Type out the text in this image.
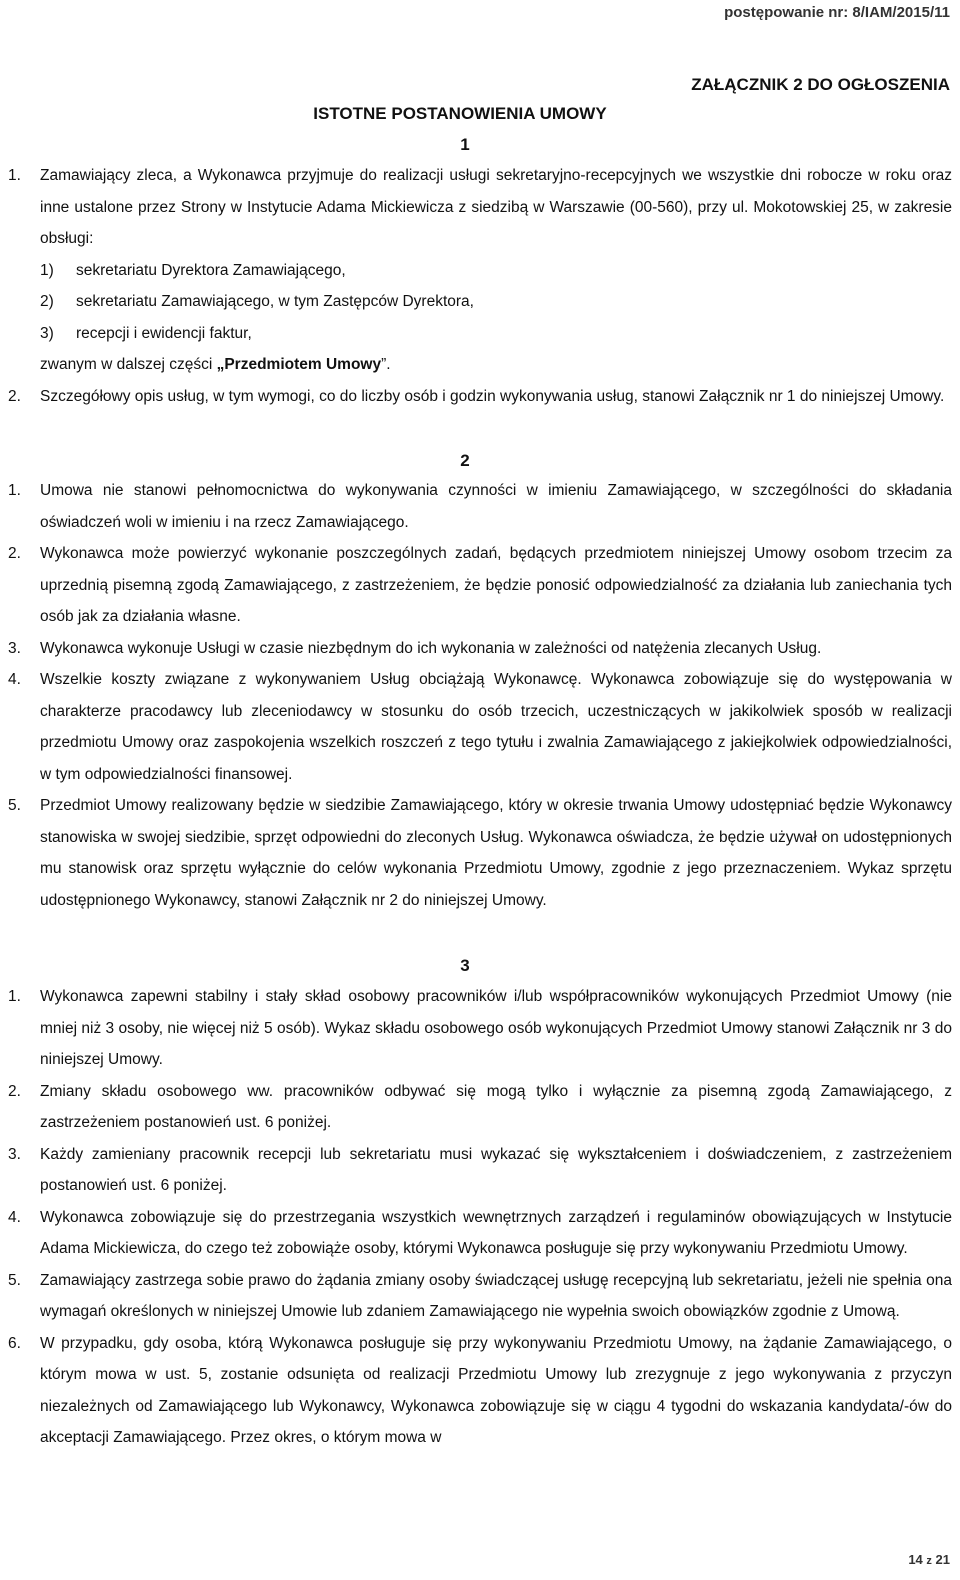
postępowanie nr: 8/IAM/2015/11
ZAŁĄCZNIK 2 DO OGŁOSZENIA
ISTOTNE POSTANOWIENIA UMOWY
1
1. Zamawiający zleca, a Wykonawca przyjmuje do realizacji usługi sekretaryjno-recepcyjnych we wszystkie dni robocze w roku oraz inne ustalone przez Strony w Instytucie Adama Mickiewicza z siedzibą w Warszawie (00-560), przy ul. Mokotowskiej 25, w zakresie obsługi:
1) sekretariatu Dyrektora Zamawiającego,
2) sekretariatu Zamawiającego, w tym Zastępców Dyrektora,
3) recepcji i ewidencji faktur,
zwanym w dalszej części „Przedmiotem Umowy”.
2. Szczegółowy opis usług, w tym wymogi, co do liczby osób i godzin wykonywania usług, stanowi Załącznik nr 1 do niniejszej Umowy.
2
1. Umowa nie stanowi pełnomocnictwa do wykonywania czynności w imieniu Zamawiającego, w szczególności do składania oświadczeń woli w imieniu i na rzecz Zamawiającego.
2. Wykonawca może powierzyć wykonanie poszczególnych zadań, będących przedmiotem niniejszej Umowy osobom trzecim za uprzednią pisemną zgodą Zamawiającego, z zastrzeżeniem, że będzie ponosić odpowiedzialność za działania lub zaniechania tych osób jak za działania własne.
3. Wykonawca wykonuje Usługi w czasie niezbędnym do ich wykonania w zależności od natężenia zlecanych Usług.
4. Wszelkie koszty związane z wykonywaniem Usług obciążają Wykonawcę. Wykonawca zobowiązuje się do występowania w charakterze pracodawcy lub zleceniodawcy w stosunku do osób trzecich, uczestniczących w jakikolwiek sposób w realizacji przedmiotu Umowy oraz zaspokojenia wszelkich roszczeń z tego tytułu i zwalnia Zamawiającego z jakiejkolwiek odpowiedzialności, w tym odpowiedzialności finansowej.
5. Przedmiot Umowy realizowany będzie w siedzibie Zamawiającego, który w okresie trwania Umowy udostępniać będzie Wykonawcy stanowiska w swojej siedzibie, sprzęt odpowiedni do zleconych Usług. Wykonawca oświadcza, że będzie używał on udostępnionych mu stanowisk oraz sprzętu wyłącznie do celów wykonania Przedmiotu Umowy, zgodnie z jego przeznaczeniem. Wykaz sprzętu udostępnionego Wykonawcy, stanowi Załącznik nr 2 do niniejszej Umowy.
3
1. Wykonawca zapewni stabilny i stały skład osobowy pracowników i/lub współpracowników wykonujących Przedmiot Umowy (nie mniej niż 3 osoby, nie więcej niż 5 osób). Wykaz składu osobowego osób wykonujących Przedmiot Umowy stanowi Załącznik nr 3 do niniejszej Umowy.
2. Zmiany składu osobowego ww. pracowników odbywać się mogą tylko i wyłącznie za pisemną zgodą Zamawiającego, z zastrzeżeniem postanowień ust. 6 poniżej.
3. Każdy zamieniany pracownik recepcji lub sekretariatu musi wykazać się wykształceniem i doświadczeniem, z zastrzeżeniem postanowień ust. 6 poniżej.
4. Wykonawca zobowiązuje się do przestrzegania wszystkich wewnętrznych zarządzeń i regulaminów obowiązujących w Instytucie Adama Mickiewicza, do czego też zobowiąże osoby, którymi Wykonawca posługuje się przy wykonywaniu Przedmiotu Umowy.
5. Zamawiający zastrzega sobie prawo do żądania zmiany osoby świadczącej usługę recepcyjną lub sekretariatu, jeżeli nie spełnia ona wymagań określonych w niniejszej Umowie lub zdaniem Zamawiającego nie wypełnia swoich obowiązków zgodnie z Umową.
6. W przypadku, gdy osoba, którą Wykonawca posługuje się przy wykonywaniu Przedmiotu Umowy, na żądanie Zamawiającego, o którym mowa w ust. 5, zostanie odsunięta od realizacji Przedmiotu Umowy lub zrezygnuje z jego wykonywania z przyczyn niezależnych od Zamawiającego lub Wykonawcy, Wykonawca zobowiązuje się w ciągu 4 tygodni do wskazania kandydata/-ów do akceptacji Zamawiającego. Przez okres, o którym mowa w
14 z 21
